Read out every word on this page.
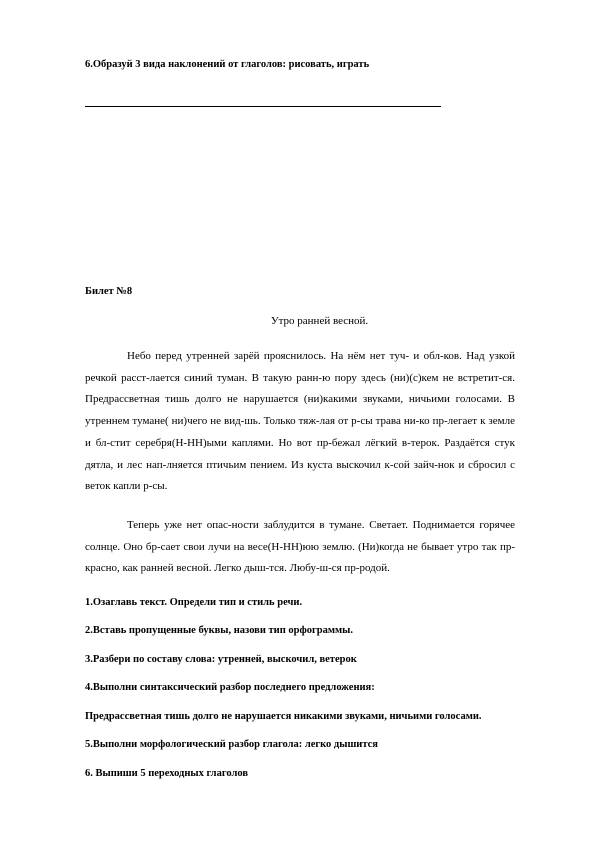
6.Образуй 3 вида наклонений от глаголов: рисовать, играть
Билет №8
Утро ранней весной.
Небо перед утренней зарёй прояснилось. На нём нет туч- и обл-ков. Над узкой речкой расст-лается синий туман. В такую ранн-ю пору здесь (ни)(с)кем не встретит-ся. Предрассветная тишь долго не нарушается (ни)какими звуками, ничьими голосами. В утреннем тумане( ни)чего не вид-шь. Только тяж-лая от р-сы трава ни-ко пр-легает к земле и бл-стит серебря(Н-НН)ыми каплями. Но вот пр-бежал лёгкий в-терок. Раздаётся стук дятла, и лес нап-лняется птичьим пением. Из куста выскочил к-сой зайч-нок и сбросил с веток капли р-сы.
Теперь уже нет опас-ности заблудится в тумане. Светает. Поднимается горячее солнце. Оно бр-сает свои лучи на весе(Н-НН)юю землю. (Ни)когда не бывает утро так пр-красно, как ранней весной. Легко дыш-тся. Любу-ш-ся пр-родой.
1.Озаглавь текст. Определи тип и стиль речи.
2.Вставь пропущенные буквы, назови тип орфограммы.
3.Разбери по составу слова: утренней, выскочил, ветерок
4.Выполни синтаксический разбор последнего предложения:
Предрассветная тишь долго не нарушается никакими звуками, ничьими голосами.
5.Выполни морфологический разбор глагола: легко дышится
6. Выпиши 5 переходных глаголов
